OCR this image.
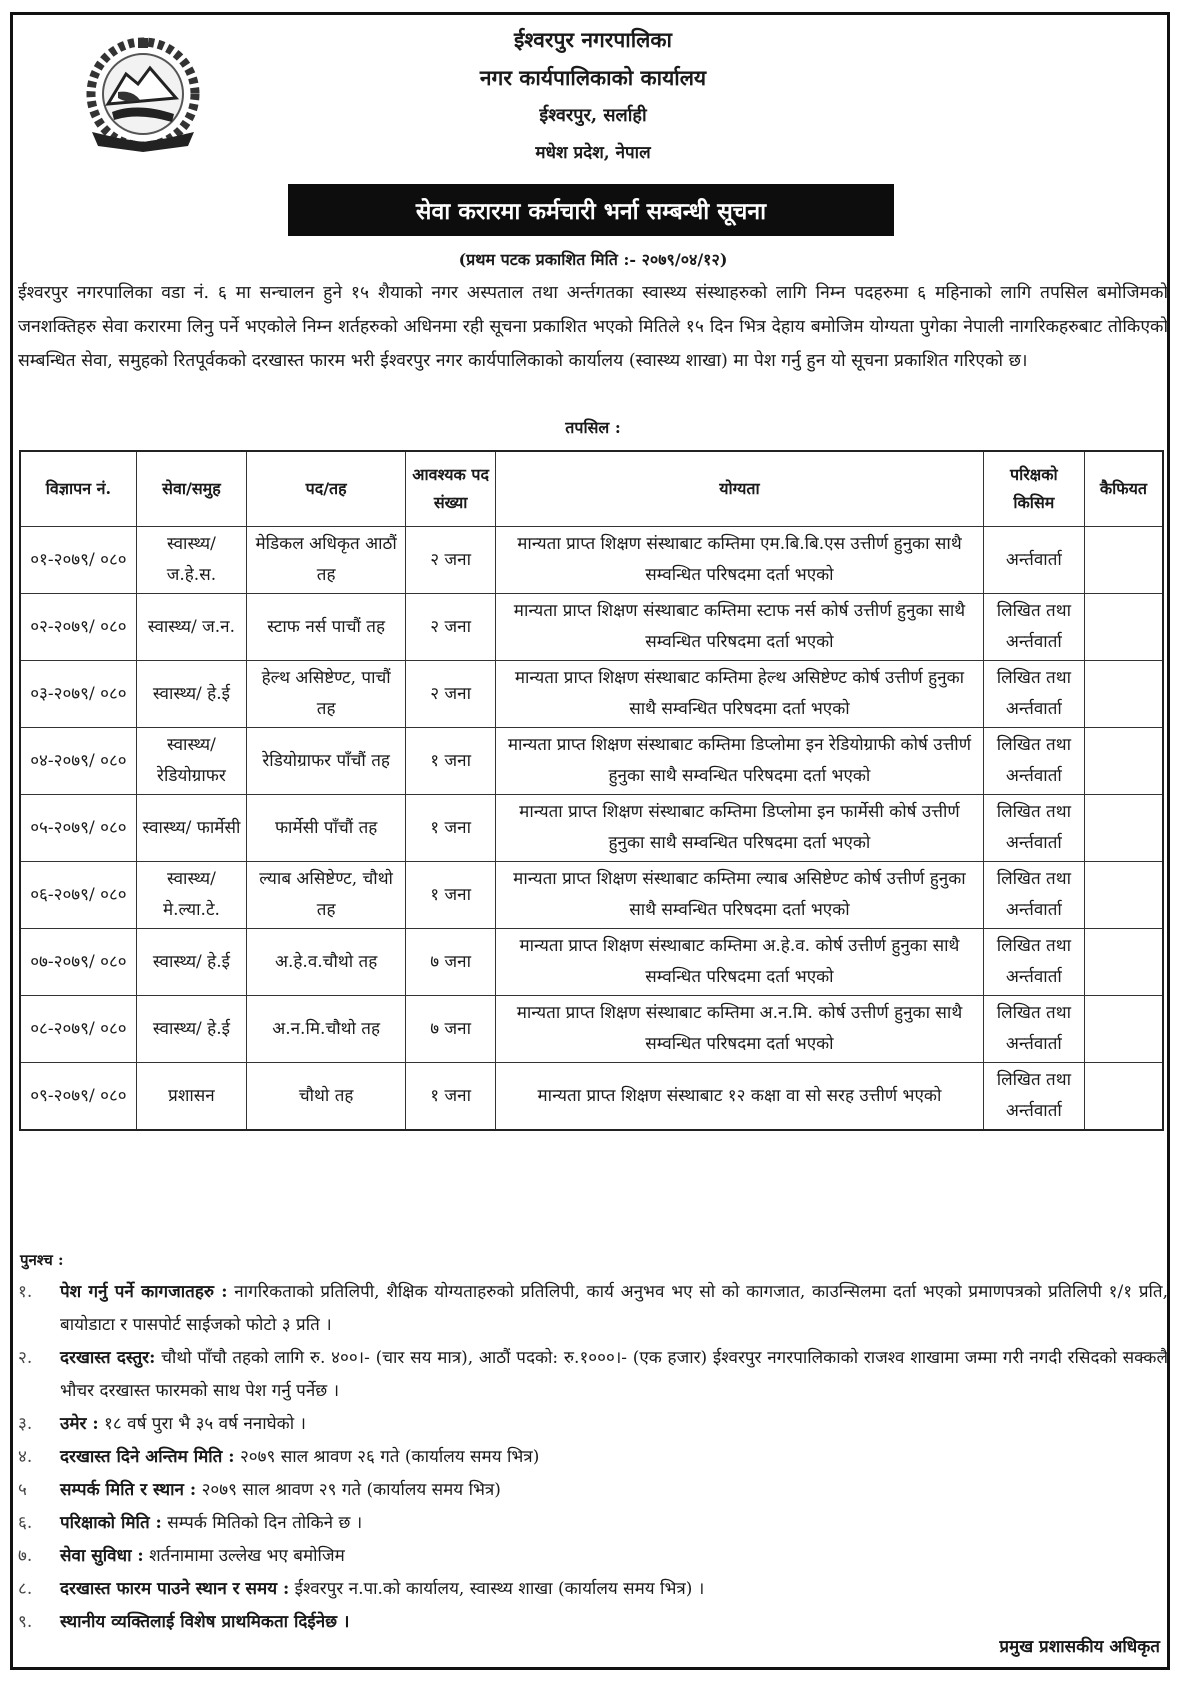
ईश्वरपुर नगरपालिका
नगर कार्यपालिकाको कार्यालय
ईश्वरपुर, सर्लाही
मधेश प्रदेश, नेपाल
सेवा करारमा कर्मचारी भर्ना सम्बन्धी सूचना
(प्रथम पटक प्रकाशित मिति :- २०७९/०४/१२)
ईश्वरपुर नगरपालिका वडा नं. ६ मा सन्चालन हुने १५ शैयाको नगर अस्पताल तथा अर्न्तगतका स्वास्थ्य संस्थाहरुको लागि निम्न पदहरुमा ६ महिनाको लागि तपसिल बमोजिमको जनशक्तिहरु सेवा करारमा लिनु पर्ने भएकोले निम्न शर्तहरुको अधिनमा रही सूचना प्रकाशित भएको मितिले १५ दिन भित्र देहाय बमोजिम योग्यता पुगेका नेपाली नागरिकहरुबाट तोकिएको सम्बन्धित सेवा, समुहको रितपूर्वकको दरखास्त फारम भरी ईश्वरपुर नगर कार्यपालिकाको कार्यालय (स्वास्थ्य शाखा) मा पेश गर्नु हुन यो सूचना प्रकाशित गरिएको छ।
तपसिल :
विज्ञापन नं.	सेवा/समुह	पद/तह	आवश्यक पद संख्या	योग्यता	परिक्षको किसिम	कैफियत
०१-२०७९/ ०८०	स्वास्थ्य/ ज.हे.स.	मेडिकल अधिकृत आठौं तह	२ जना	मान्यता प्राप्त शिक्षण संस्थाबाट कम्तिमा एम.बि.बि.एस उत्तीर्ण हुनुका साथै सम्वन्धित परिषदमा दर्ता भएको	अर्न्तवार्ता	
०२-२०७९/ ०८०	स्वास्थ्य/ ज.न.	स्टाफ नर्स पाचौं तह	२ जना	मान्यता प्राप्त शिक्षण संस्थाबाट कम्तिमा स्टाफ नर्स कोर्ष उत्तीर्ण हुनुका साथै सम्वन्धित परिषदमा दर्ता भएको	लिखित तथा अर्न्तवार्ता	
०३-२०७९/ ०८०	स्वास्थ्य/ हे.ई	हेल्थ असिष्टेण्ट, पाचौं तह	२ जना	मान्यता प्राप्त शिक्षण संस्थाबाट कम्तिमा हेल्थ असिष्टेण्ट कोर्ष उत्तीर्ण हुनुका साथै सम्वन्धित परिषदमा दर्ता भएको	लिखित तथा अर्न्तवार्ता	
०४-२०७९/ ०८०	स्वास्थ्य/ रेडियोग्राफर	रेडियोग्राफर पाँचौं तह	१ जना	मान्यता प्राप्त शिक्षण संस्थाबाट कम्तिमा डिप्लोमा इन रेडियोग्राफी कोर्ष उत्तीर्ण हुनुका साथै सम्वन्धित परिषदमा दर्ता भएको	लिखित तथा अर्न्तवार्ता	
०५-२०७९/ ०८०	स्वास्थ्य/ फार्मेसी	फार्मेसी पाँचौं तह	१ जना	मान्यता प्राप्त शिक्षण संस्थाबाट कम्तिमा डिप्लोमा इन फार्मेसी कोर्ष उत्तीर्ण हुनुका साथै सम्वन्धित परिषदमा दर्ता भएको	लिखित तथा अर्न्तवार्ता	
०६-२०७९/ ०८०	स्वास्थ्य/ मे.ल्या.टे.	ल्याब असिष्टेण्ट, चौथो तह	१ जना	मान्यता प्राप्त शिक्षण संस्थाबाट कम्तिमा ल्याब असिष्टेण्ट कोर्ष उत्तीर्ण हुनुका साथै सम्वन्धित परिषदमा दर्ता भएको	लिखित तथा अर्न्तवार्ता	
०७-२०७९/ ०८०	स्वास्थ्य/ हे.ई	अ.हे.व.चौथो तह	७ जना	मान्यता प्राप्त शिक्षण संस्थाबाट कम्तिमा अ.हे.व. कोर्ष उत्तीर्ण हुनुका साथै सम्वन्धित परिषदमा दर्ता भएको	लिखित तथा अर्न्तवार्ता	
०८-२०७९/ ०८०	स्वास्थ्य/ हे.ई	अ.न.मि.चौथो तह	७ जना	मान्यता प्राप्त शिक्षण संस्थाबाट कम्तिमा अ.न.मि. कोर्ष उत्तीर्ण हुनुका साथै सम्वन्धित परिषदमा दर्ता भएको	लिखित तथा अर्न्तवार्ता	
०९-२०७९/ ०८०	प्रशासन	चौथो तह	१ जना	मान्यता प्राप्त शिक्षण संस्थाबाट १२ कक्षा वा सो सरह उत्तीर्ण भएको	लिखित तथा अर्न्तवार्ता	
पुनश्च :
१.	पेश गर्नु पर्ने कागजातहरु : नागरिकताको प्रतिलिपी, शैक्षिक योग्यताहरुको प्रतिलिपी, कार्य अनुभव भए सो को कागजात, काउन्सिलमा दर्ता भएको प्रमाणपत्रको प्रतिलिपी १/१ प्रति, बायोडाटा र पासपोर्ट साईजको फोटो ३ प्रति ।
२.	दरखास्त दस्तुर: चौथो पाँचौ तहको लागि रु. ४००।- (चार सय मात्र), आठौं पदको: रु.१०००।- (एक हजार) ईश्वरपुर नगरपालिकाको राजश्व शाखामा जम्मा गरी नगदी रसिदको सक्कलै भौचर दरखास्त फारमको साथ पेश गर्नु पर्नेछ ।
३.	उमेर : १८ वर्ष पुरा भै ३५ वर्ष ननाघेको ।
४.	दरखास्त दिने अन्तिम मिति : २०७९ साल श्रावण २६ गते (कार्यालय समय भित्र)
५	सम्पर्क मिति र स्थान : २०७९ साल श्रावण २९ गते (कार्यालय समय भित्र)
६.	परिक्षाको मिति : सम्पर्क मितिको दिन तोकिने छ ।
७.	सेवा सुविधा : शर्तनामामा उल्लेख भए बमोजिम
८.	दरखास्त फारम पाउने स्थान र समय : ईश्वरपुर न.पा.को कार्यालय, स्वास्थ्य शाखा (कार्यालय समय भित्र) ।
९.	स्थानीय व्यक्तिलाई विशेष प्राथमिकता दिईनेछ ।
प्रमुख प्रशासकीय अधिकृत
